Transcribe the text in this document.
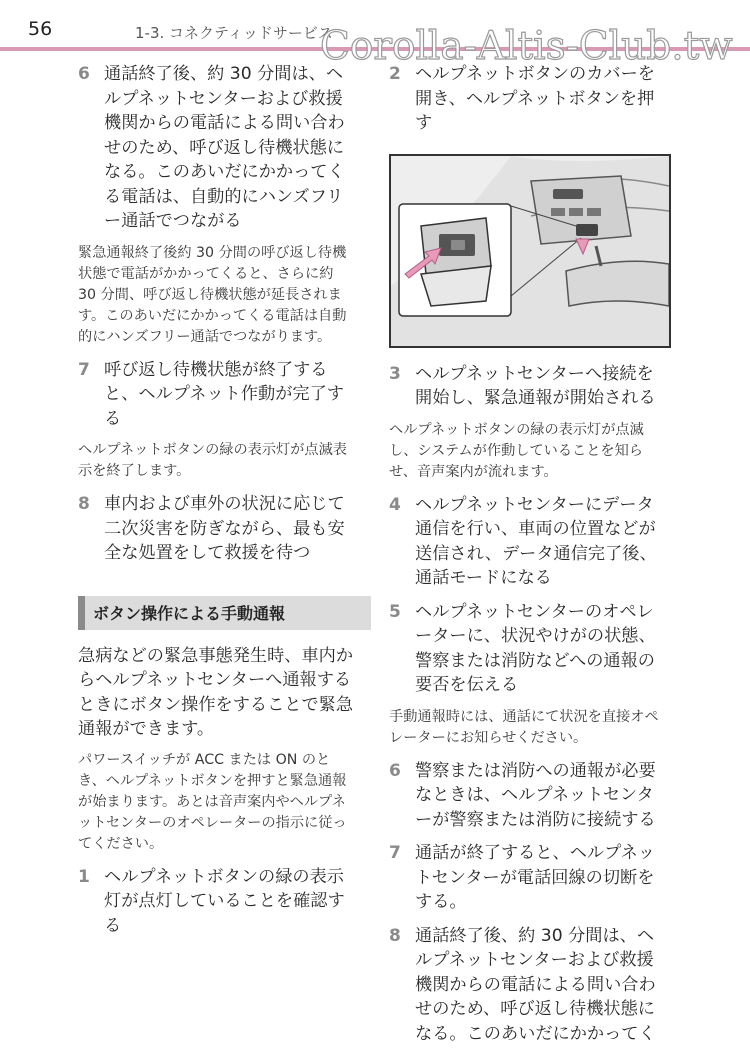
56	1-3. コネクティッドサービス
Corolla-Altis-Club.tw
6 通話終了後、約 30 分間は、ヘルプネットセンターおよび救援機関からの電話による問い合わせのため、呼び返し待機状態になる。このあいだにかかってくる電話は、自動的にハンズフリー通話でつながる

緊急通報終了後約 30 分間の呼び返し待機状態で電話がかかってくると、さらに約 30 分間、呼び返し待機状態が延長されます。このあいだにかかってくる電話は自動的にハンズフリー通話でつながります。

7 呼び返し待機状態が終了すると、ヘルプネット作動が完了する

ヘルプネットボタンの緑の表示灯が点滅表示を終了します。

8 車内および車外の状況に応じて二次災害を防ぎながら、最も安全な処置をして救援を待つ
ボタン操作による手動通報

急病などの緊急事態発生時、車内からヘルプネットセンターへ通報するときにボタン操作をすることで緊急通報ができます。

パワースイッチが ACC または ON のとき、ヘルプネットボタンを押すと緊急通報が始まります。あとは音声案内やヘルプネットセンターのオペレーターの指示に従ってください。

1 ヘルプネットボタンの緑の表示灯が点灯していることを確認する
2 ヘルプネットボタンのカバーを開き、ヘルプネットボタンを押す
3 ヘルプネットセンターへ接続を開始し、緊急通報が開始される

ヘルプネットボタンの緑の表示灯が点滅し、システムが作動していることを知らせ、音声案内が流れます。

4 ヘルプネットセンターにデータ通信を行い、車両の位置などが送信され、データ通信完了後、通話モードになる
5 ヘルプネットセンターのオペレーターに、状況やけがの状態、警察または消防などへの通報の要否を伝える

手動通報時には、通話にて状況を直接オペレーターにお知らせください。

6 警察または消防への通報が必要なときは、ヘルプネットセンターが警察または消防に接続する
7 通話が終了すると、ヘルプネットセンターが電話回線の切断をする。
8 通話終了後、約 30 分間は、ヘルプネットセンターおよび救援機関からの電話による問い合わせのため、呼び返し待機状態になる。このあいだにかかってく
